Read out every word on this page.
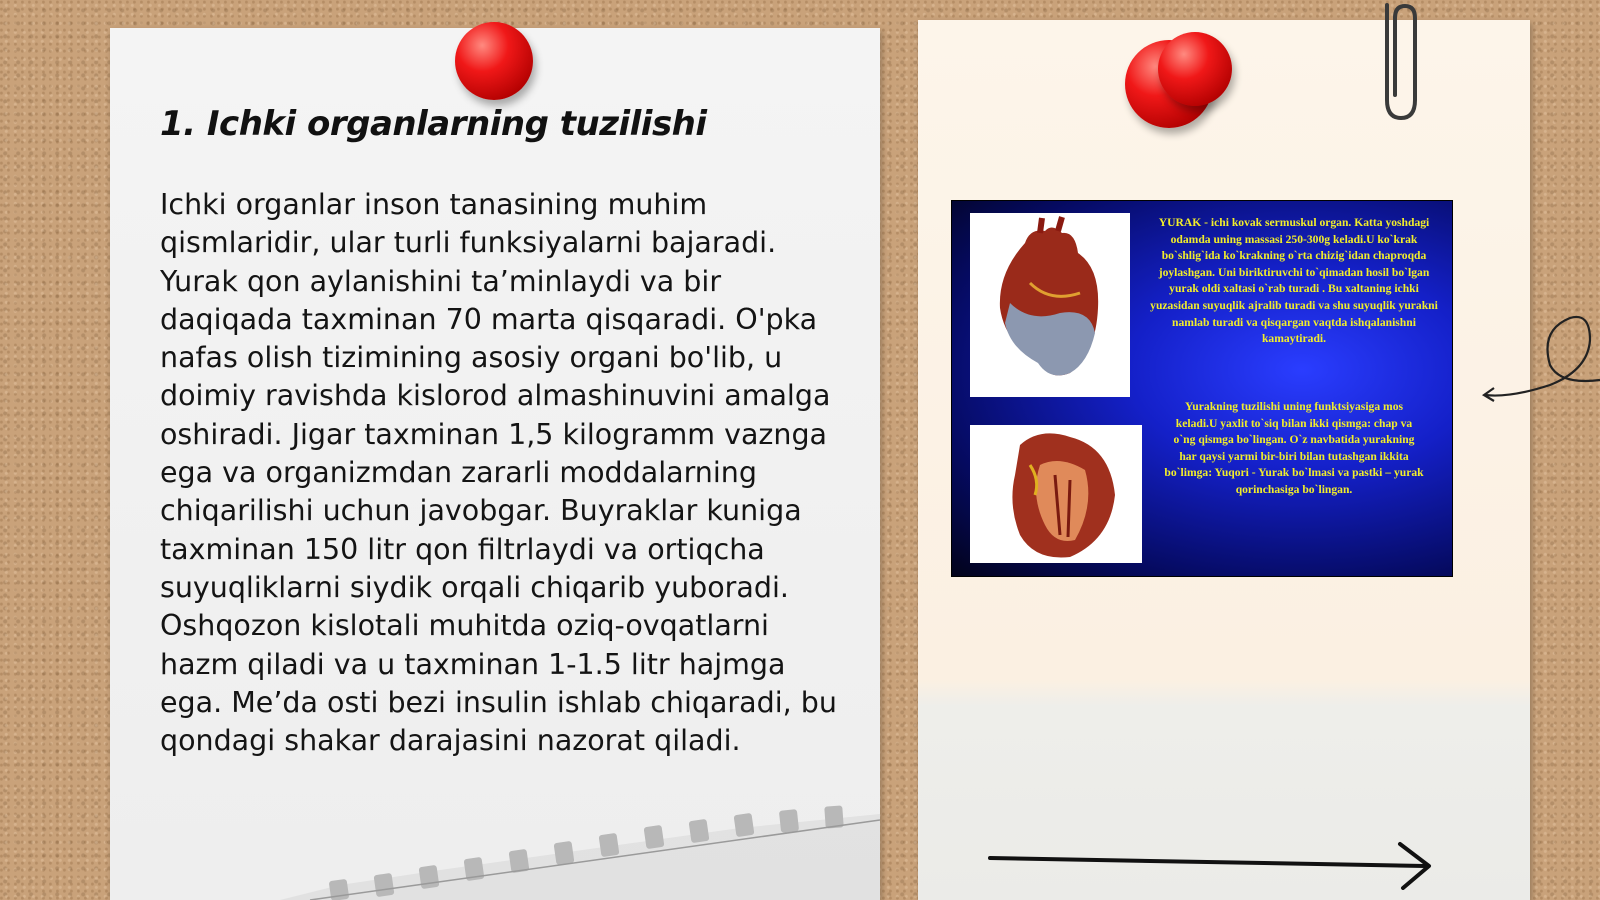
1. Ichki organlarning tuzilishi

Ichki organlar inson tanasining muhim qismlaridir, ular turli funksiyalarni bajaradi. Yurak qon aylanishini ta’minlaydi va bir daqiqada taxminan 70 marta qisqaradi. O'pka nafas olish tizimining asosiy organi bo'lib, u doimiy ravishda kislorod almashinuvini amalga oshiradi. Jigar taxminan 1,5 kilogramm vaznga ega va organizmdan zararli moddalarning chiqarilishi uchun javobgar. Buyraklar kuniga taxminan 150 litr qon filtrlaydi va ortiqcha suyuqliklarni siydik orqali chiqarib yuboradi. Oshqozon kislotali muhitda oziq-ovqatlarni hazm qiladi va u taxminan 1-1.5 litr hajmga ega. Me’da osti bezi insulin ishlab chiqaradi, bu qondagi shakar darajasini nazorat qiladi.

YURAK - ichi kovak sermuskul organ. Katta yoshdagi odamda uning massasi 250-300g keladi.U ko`krak bo`shlig`ida ko`krakning o`rta chizig`idan chaproqda joylashgan. Uni biriktiruvchi to`qimadan hosil bo`lgan yurak oldi xaltasi o`rab turadi . Bu xaltaning ichki yuzasidan suyuqlik ajralib turadi va shu suyuqlik yurakni namlab turadi va qisqargan vaqtda ishqalanishni kamaytiradi.

Yurakning tuzilishi uning funktsiyasiga mos keladi.U yaxlit to`siq bilan ikki qismga: chap va o`ng qismga bo`lingan. O`z navbatida yurakning har qaysi yarmi bir-biri bilan tutashgan ikkita bo`limga: Yuqori - Yurak bo`lmasi va pastki – yurak qorinchasiga bo`lingan.
